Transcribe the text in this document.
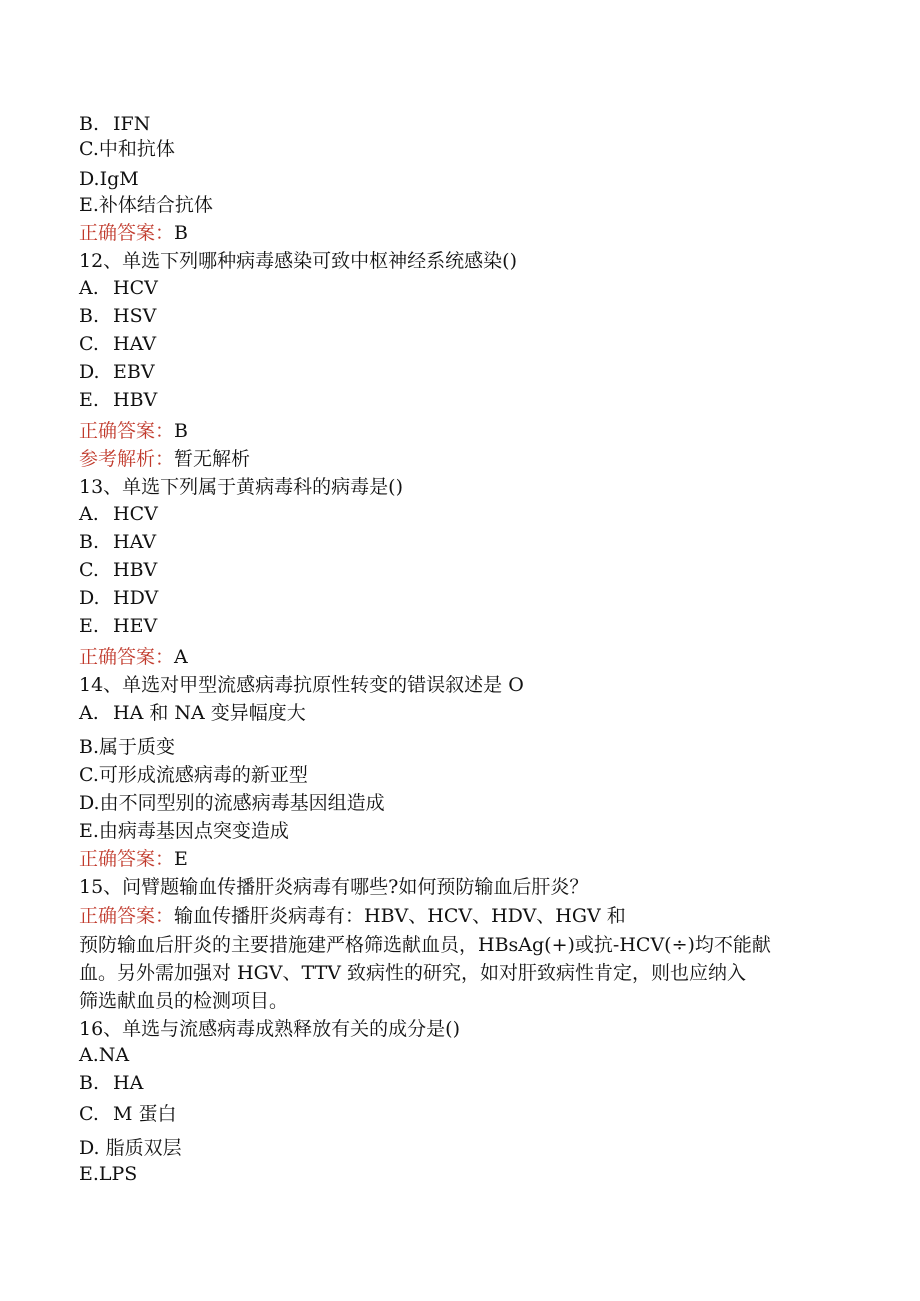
B. IFN
C.中和抗体
D.IgM
E.补体结合抗体
正确答案：B
12、单选下列哪种病毒感染可致中枢神经系统感染()
A. HCV
B. HSV
C. HAV
D. EBV
E. HBV
正确答案：B
参考解析：暂无解析
13、单选下列属于黄病毒科的病毒是()
A. HCV
B. HAV
C. HBV
D. HDV
E. HEV
正确答案：A
14、单选对甲型流感病毒抗原性转变的错误叙述是 O
A. HA 和 NA 变异幅度大
B.属于质变
C.可形成流感病毒的新亚型
D.由不同型别的流感病毒基因组造成
E.由病毒基因点突变造成
正确答案：E
15、问臂题输血传播肝炎病毒有哪些?如何预防输血后肝炎？
正确答案：输血传播肝炎病毒有：HBV、HCV、HDV、HGV 和
预防输血后肝炎的主要措施建严格筛选献血员，HBsAg(+)或抗-HCV(÷)均不能献
血。另外需加强对 HGV、TTV 致病性的研究，如对肝致病性肯定，则也应纳入
筛选献血员的检测项目。
16、单选与流感病毒成熟释放有关的成分是()
A.NA
B. HA
C. M 蛋白
D. 脂质双层
E.LPS
